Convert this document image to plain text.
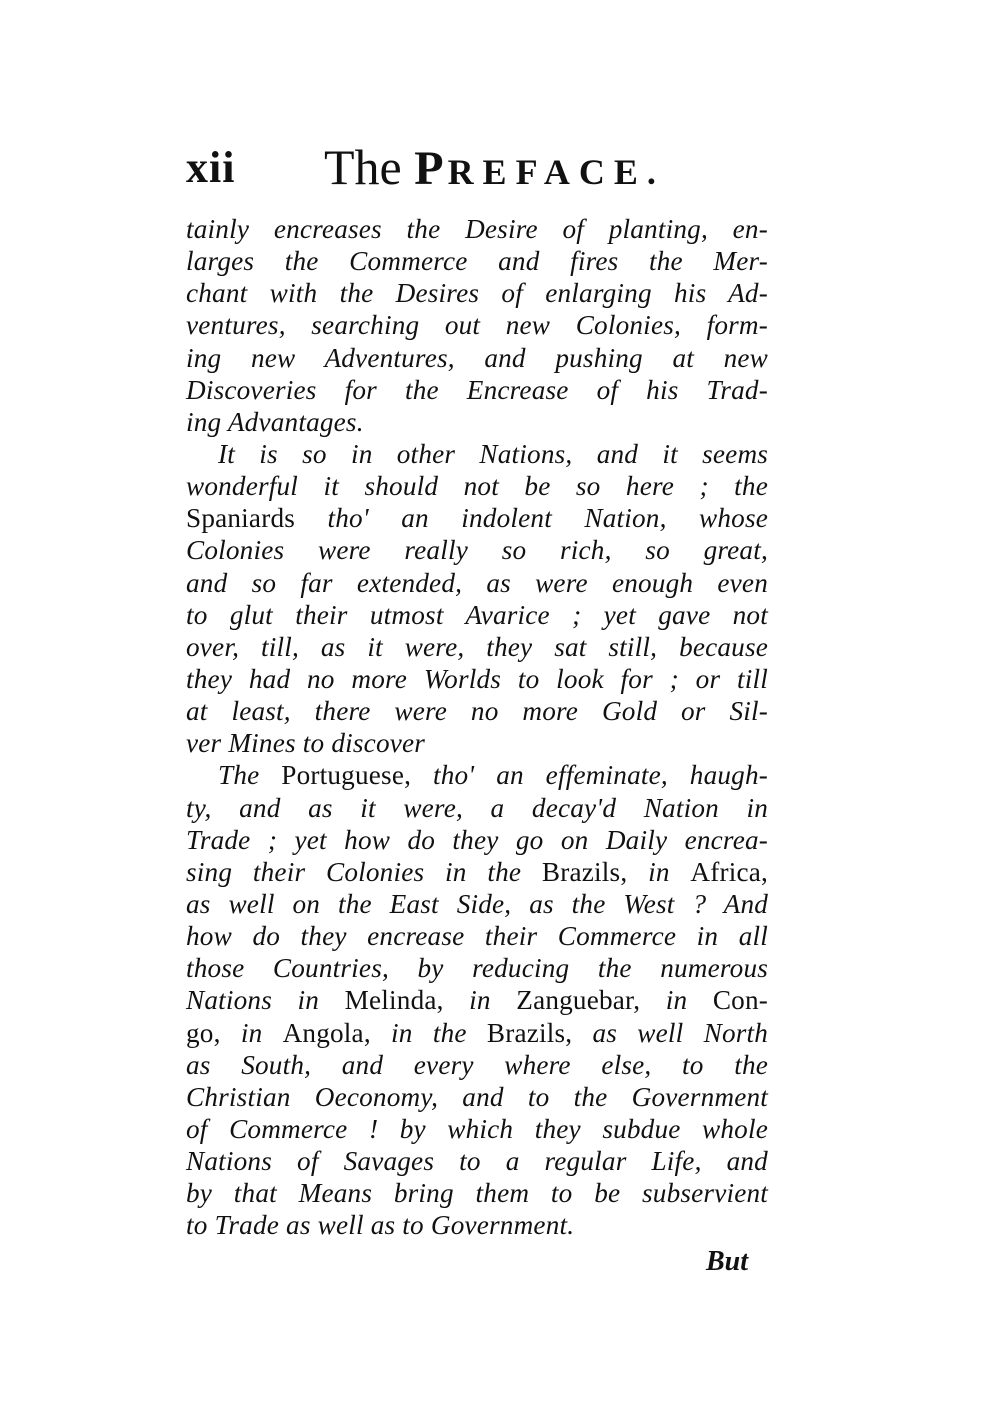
xii The PREFACE.
tainly encreases the Desire of planting, en-
larges the Commerce and fires the Mer-
chant with the Desires of enlarging his Ad-
ventures, searching out new Colonies, form-
ing new Adventures, and pushing at new
Discoveries for the Encrease of his Trad-
ing Advantages.
It is so in other Nations, and it seems
wonderful it should not be so here ; the
Spaniards tho' an indolent Nation, whose
Colonies were really so rich, so great,
and so far extended, as were enough even
to glut their utmost Avarice ; yet gave not
over, till, as it were, they sat still, because
they had no more Worlds to look for ; or till
at least, there were no more Gold or Sil-
ver Mines to discover
The Portuguese, tho' an effeminate, haugh-
ty, and as it were, a decay'd Nation in
Trade ; yet how do they go on Daily encrea-
sing their Colonies in the Brazils, in Africa,
as well on the East Side, as the West ? And
how do they encrease their Commerce in all
those Countries, by reducing the numerous
Nations in Melinda, in Zanguebar, in Con-
go, in Angola, in the Brazils, as well North
as South, and every where else, to the
Christian Oeconomy, and to the Government
of Commerce ! by which they subdue whole
Nations of Savages to a regular Life, and
by that Means bring them to be subservient
to Trade as well as to Government.
But
